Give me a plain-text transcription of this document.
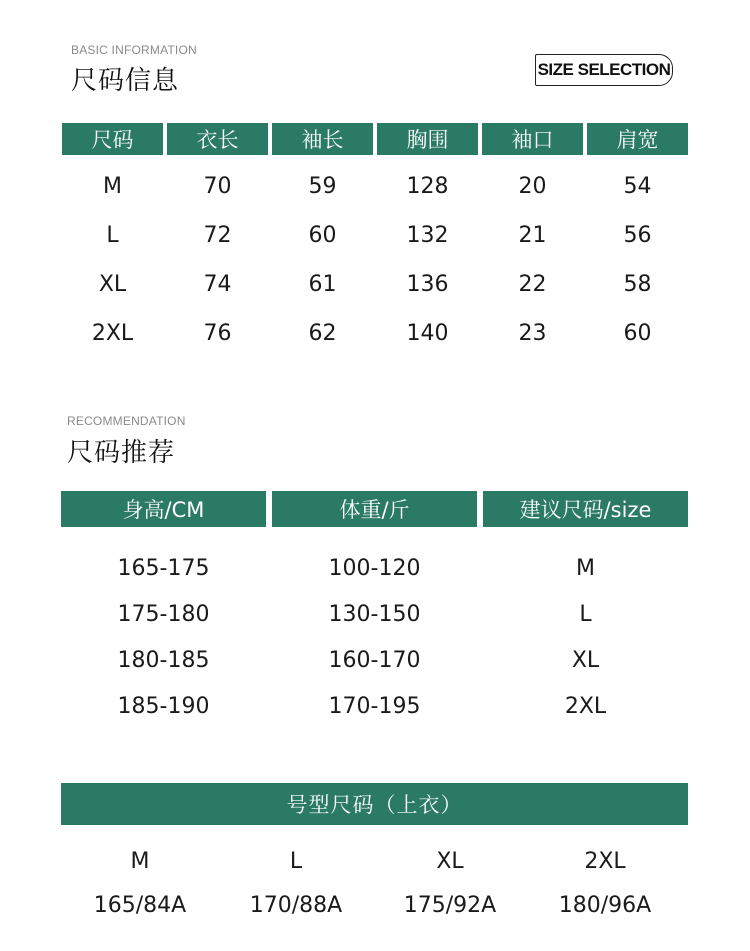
BASIC INFORMATION
尺码信息	SIZE SELECTION
尺码	衣长	袖长	胸围	袖口	肩宽
M	70	59	128	20	54
L	72	60	132	21	56
XL	74	61	136	22	58
2XL	76	62	140	23	60
RECOMMENDATION
尺码推荐
身高/CM	体重/斤	建议尺码/size
165-175	100-120	M
175-180	130-150	L
180-185	160-170	XL
185-190	170-195	2XL
号型尺码（上衣）
M	L	XL	2XL
165/84A	170/88A	175/92A	180/96A
